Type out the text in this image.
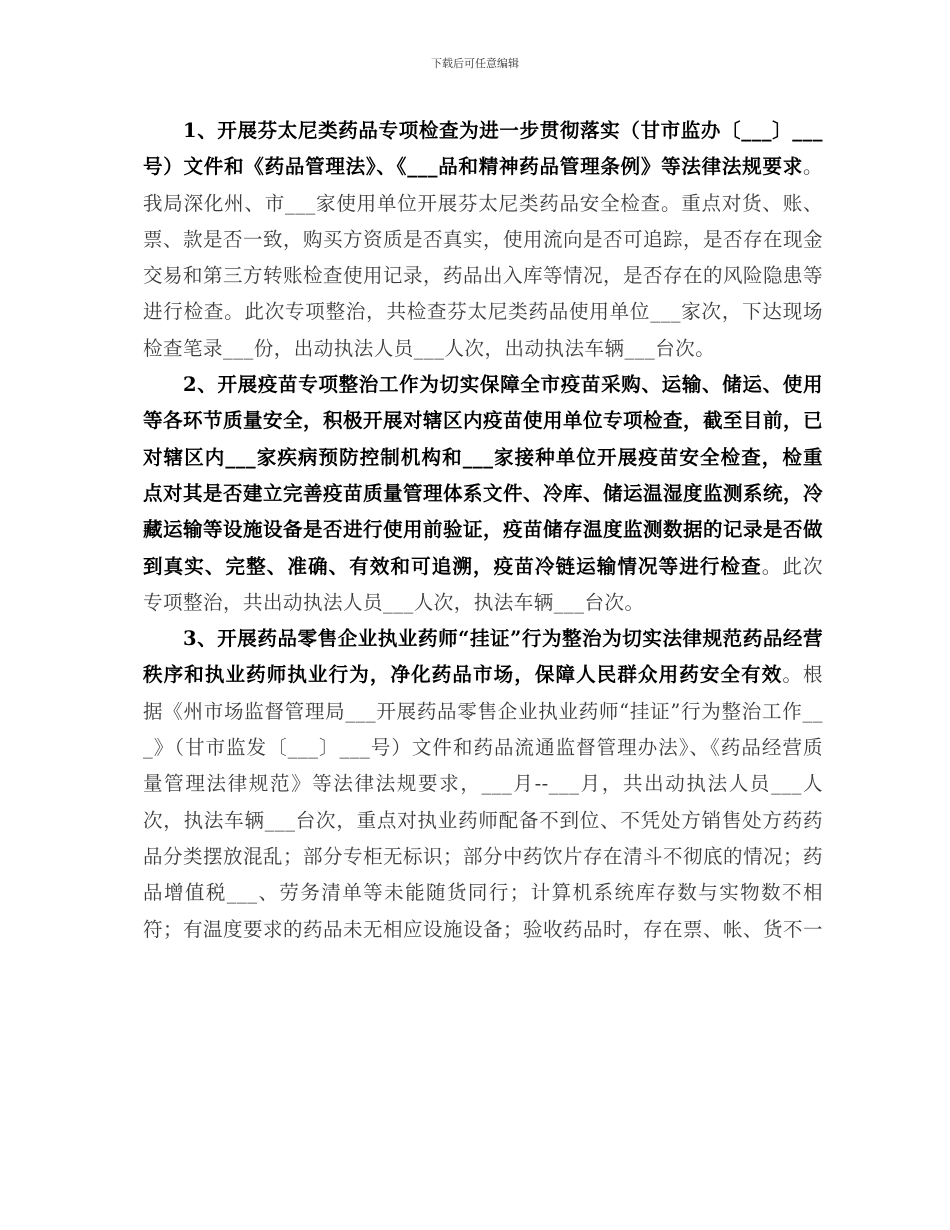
下载后可任意编辑

1、开展芬太尼类药品专项检查为进一步贯彻落实（甘市监办〔___〕___号）文件和《药品管理法》、《___品和精神药品管理条例》等法律法规要求。我局深化州、市___家使用单位开展芬太尼类药品安全检查。重点对货、账、票、款是否一致，购买方资质是否真实，使用流向是否可追踪，是否存在现金交易和第三方转账检查使用记录，药品出入库等情况，是否存在的风险隐患等进行检查。此次专项整治，共检查芬太尼类药品使用单位___家次，下达现场检查笔录___份，出动执法人员___人次，出动执法车辆___台次。

2、开展疫苗专项整治工作为切实保障全市疫苗采购、运输、储运、使用等各环节质量安全，积极开展对辖区内疫苗使用单位专项检查，截至目前，已对辖区内___家疾病预防控制机构和___家接种单位开展疫苗安全检查，检重点对其是否建立完善疫苗质量管理体系文件、冷库、储运温湿度监测系统，冷藏运输等设施设备是否进行使用前验证，疫苗储存温度监测数据的记录是否做到真实、完整、准确、有效和可追溯，疫苗冷链运输情况等进行检查。此次专项整治，共出动执法人员___人次，执法车辆___台次。

3、开展药品零售企业执业药师“挂证”行为整治为切实法律规范药品经营秩序和执业药师执业行为，净化药品市场，保障人民群众用药安全有效。根据《州市场监督管理局___开展药品零售企业执业药师“挂证”行为整治工作___》（甘市监发〔___〕___号）文件和药品流通监督管理办法》、《药品经营质量管理法律规范》等法律法规要求，___月--___月，共出动执法人员___人次，执法车辆___台次，重点对执业药师配备不到位、不凭处方销售处方药药品分类摆放混乱；部分专柜无标识；部分中药饮片存在清斗不彻底的情况；药品增值税___、劳务清单等未能随货同行；计算机系统库存数与实物数不相符；有温度要求的药品未无相应设施设备；验收药品时，存在票、帐、货不一
